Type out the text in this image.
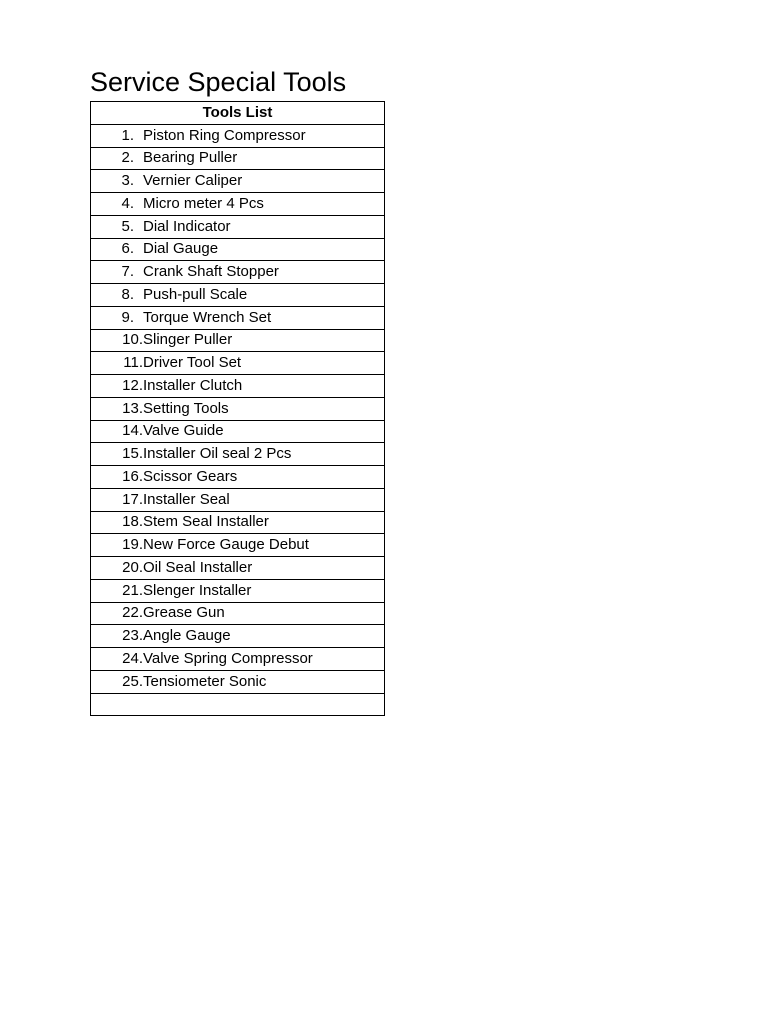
Service Special Tools
Tools List
1. Piston Ring Compressor
2. Bearing Puller
3. Vernier Caliper
4. Micro meter 4 Pcs
5. Dial Indicator
6. Dial Gauge
7. Crank Shaft Stopper
8. Push-pull Scale
9. Torque Wrench Set
10.Slinger Puller
11.Driver Tool Set
12.Installer Clutch
13.Setting Tools
14.Valve Guide
15.Installer Oil seal 2 Pcs
16.Scissor Gears
17.Installer Seal
18.Stem Seal Installer
19.New Force Gauge Debut
20.Oil Seal Installer
21.Slenger Installer
22.Grease Gun
23.Angle Gauge
24.Valve Spring Compressor
25.Tensiometer Sonic
